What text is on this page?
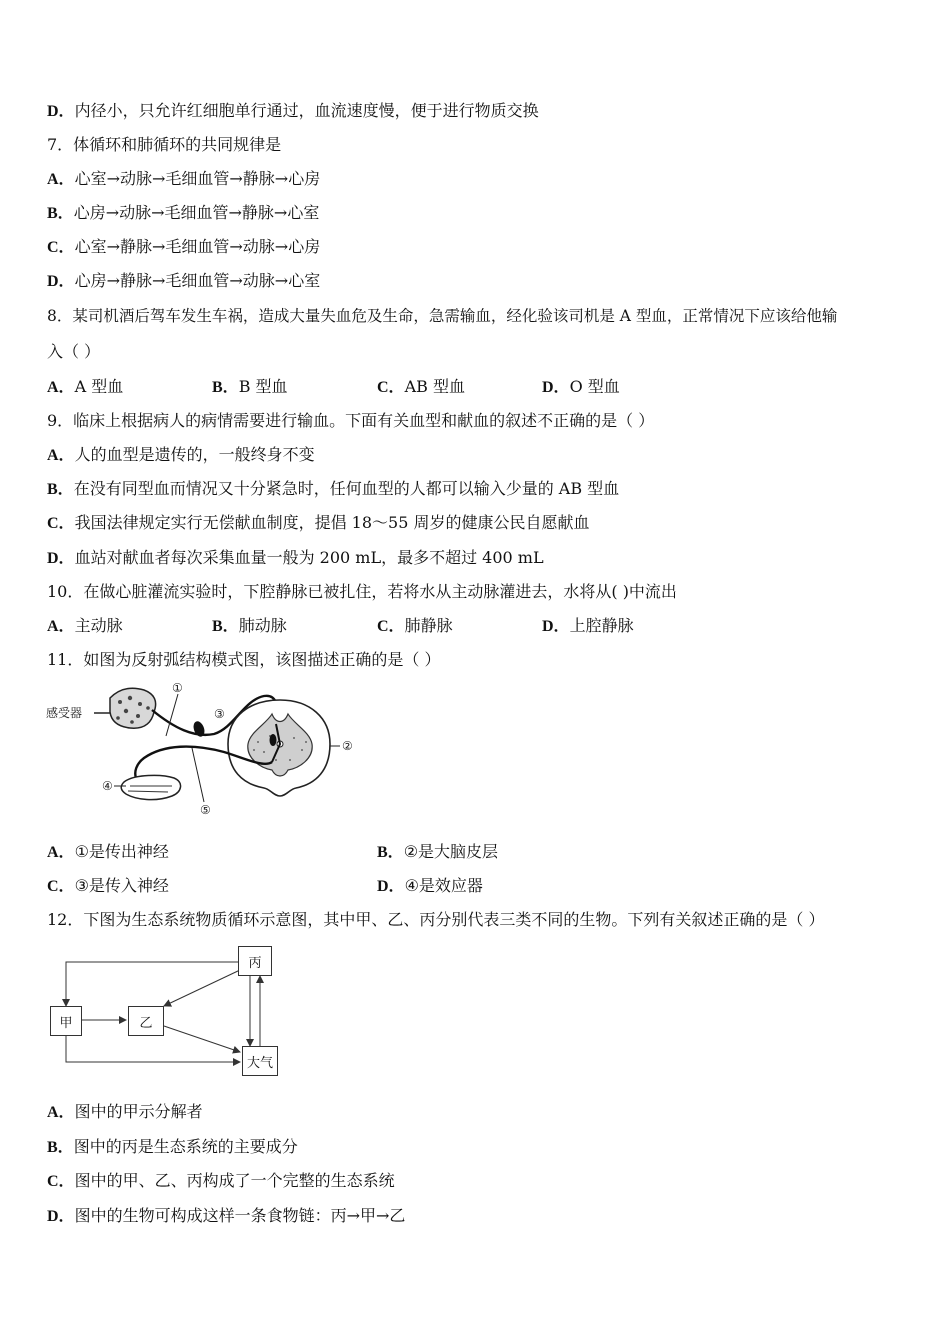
D．内径小，只允许红细胞单行通过，血流速度慢，便于进行物质交换
7．体循环和肺循环的共同规律是
A．心室→动脉→毛细血管→静脉→心房
B．心房→动脉→毛细血管→静脉→心室
C．心室→静脉→毛细血管→动脉→心房
D．心房→静脉→毛细血管→动脉→心室
8．某司机酒后驾车发生车祸，造成大量失血危及生命，急需输血，经化验该司机是 A 型血，正常情况下应该给他输
入（ ）
A．A 型血	B．B 型血	C．AB 型血	D．O 型血
9．临床上根据病人的病情需要进行输血。下面有关血型和献血的叙述不正确的是（ ）
A．人的血型是遗传的，一般终身不变
B．在没有同型血而情况又十分紧急时，任何血型的人都可以输入少量的 AB 型血
C．我国法律规定实行无偿献血制度，提倡 18～55 周岁的健康公民自愿献血
D．血站对献血者每次采集血量一般为 200 mL，最多不超过 400 mL
10．在做心脏灌流实验时，下腔静脉已被扎住，若将水从主动脉灌进去，水将从( )中流出
A．主动脉	B．肺动脉	C．肺静脉	D．上腔静脉
11．如图为反射弧结构模式图，该图描述正确的是（ ）
感受器
①
②
③
④
⑤
A．①是传出神经	B．②是大脑皮层
C．③是传入神经	D．④是效应器
12．下图为生态系统物质循环示意图，其中甲、乙、丙分别代表三类不同的生物。下列有关叙述正确的是（ ）
丙
甲	乙
大气
A．图中的甲示分解者
B．图中的丙是生态系统的主要成分
C．图中的甲、乙、丙构成了一个完整的生态系统
D．图中的生物可构成这样一条食物链：丙→甲→乙
